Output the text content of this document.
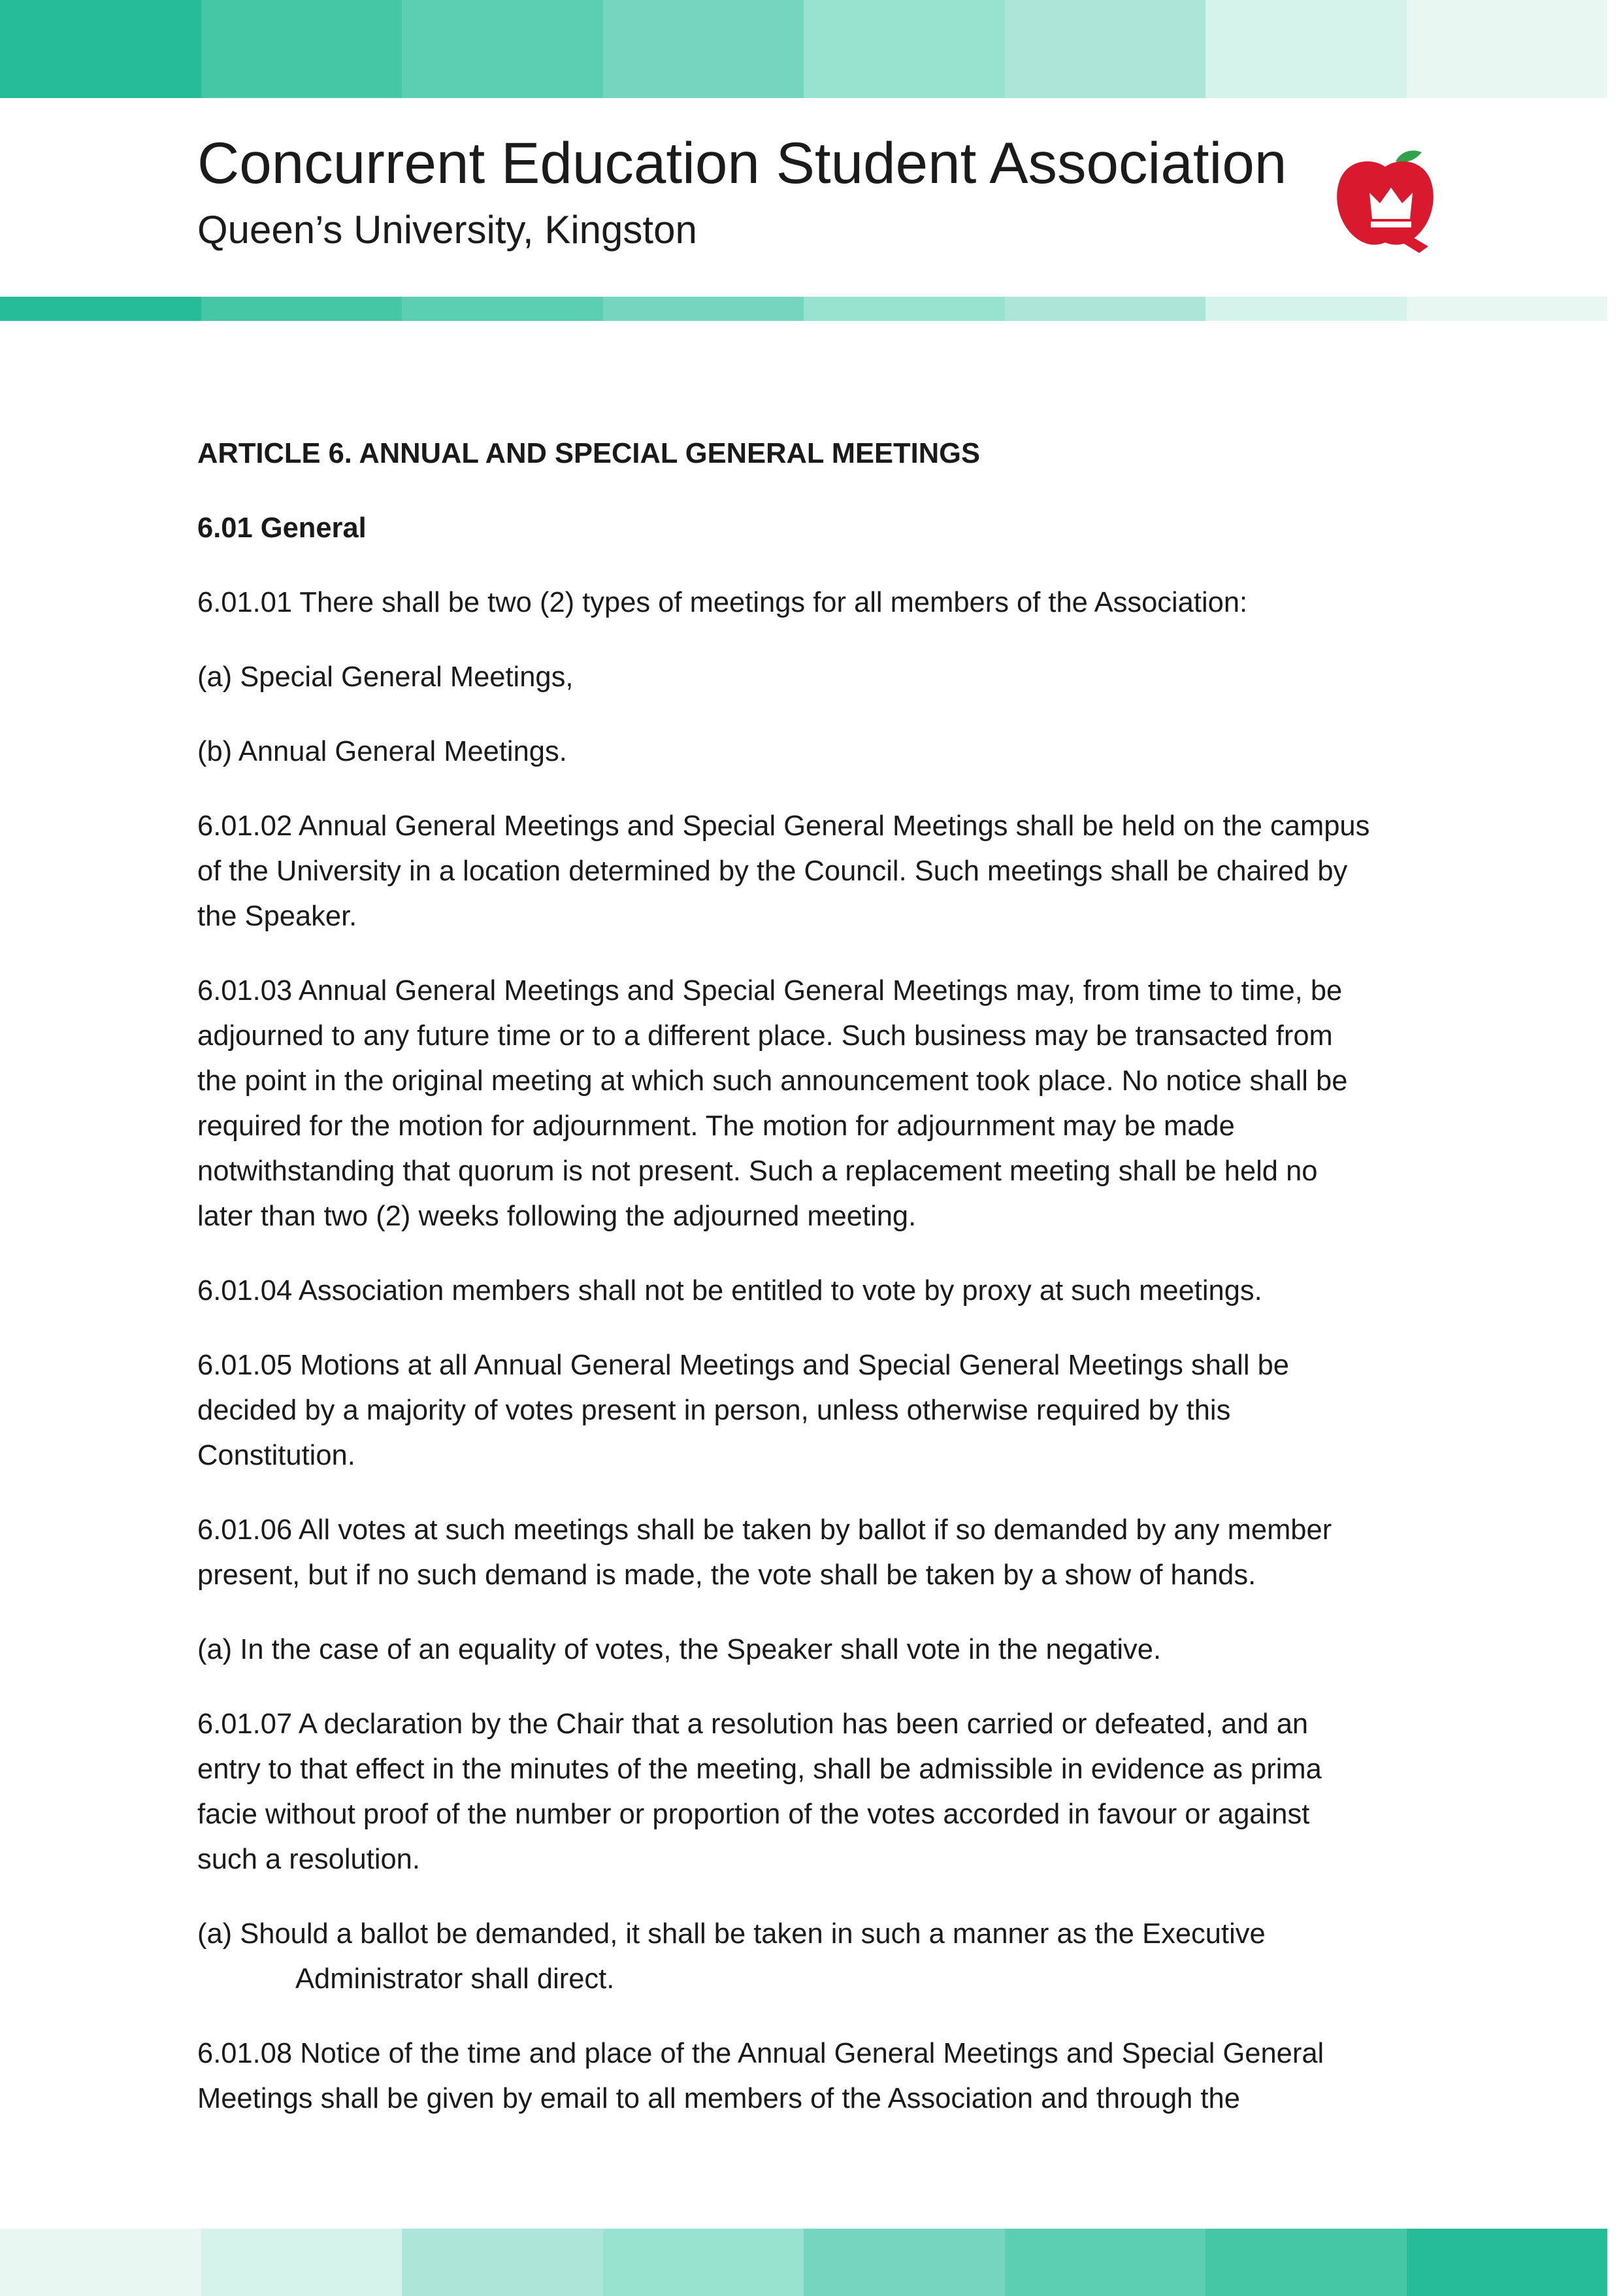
Concurrent Education Student Association
Queen’s University, Kingston

ARTICLE 6. ANNUAL AND SPECIAL GENERAL MEETINGS

6.01 General

6.01.01 There shall be two (2) types of meetings for all members of the Association:

(a) Special General Meetings,

(b) Annual General Meetings.

6.01.02 Annual General Meetings and Special General Meetings shall be held on the campus
of the University in a location determined by the Council. Such meetings shall be chaired by
the Speaker.

6.01.03 Annual General Meetings and Special General Meetings may, from time to time, be
adjourned to any future time or to a different place. Such business may be transacted from
the point in the original meeting at which such announcement took place. No notice shall be
required for the motion for adjournment. The motion for adjournment may be made
notwithstanding that quorum is not present. Such a replacement meeting shall be held no
later than two (2) weeks following the adjourned meeting.

6.01.04 Association members shall not be entitled to vote by proxy at such meetings.

6.01.05 Motions at all Annual General Meetings and Special General Meetings shall be
decided by a majority of votes present in person, unless otherwise required by this
Constitution.

6.01.06 All votes at such meetings shall be taken by ballot if so demanded by any member
present, but if no such demand is made, the vote shall be taken by a show of hands.

(a) In the case of an equality of votes, the Speaker shall vote in the negative.

6.01.07 A declaration by the Chair that a resolution has been carried or defeated, and an
entry to that effect in the minutes of the meeting, shall be admissible in evidence as prima
facie without proof of the number or proportion of the votes accorded in favour or against
such a resolution.

(a) Should a ballot be demanded, it shall be taken in such a manner as the Executive
Administrator shall direct.

6.01.08 Notice of the time and place of the Annual General Meetings and Special General
Meetings shall be given by email to all members of the Association and through the
